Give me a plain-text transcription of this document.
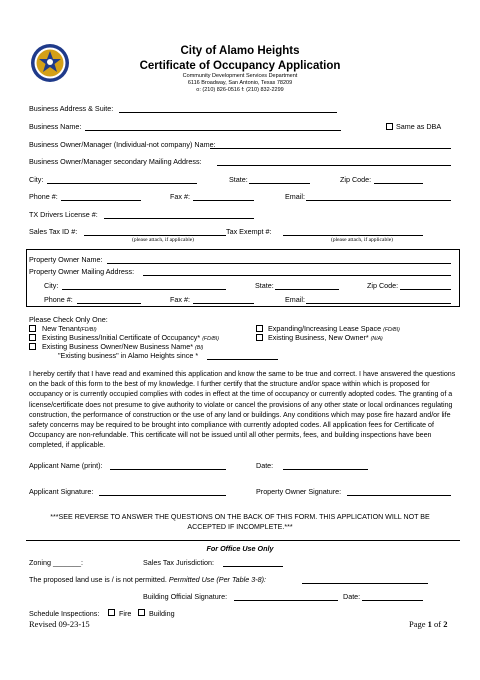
City of Alamo Heights
Certificate of Occupancy Application
Community Development Services Department
6116 Broadway, San Antonio, Texas 78209
o: (210) 826-0516 f: (210) 832-2299
Business Address & Suite:
Business Name:	Same as DBA
Business Owner/Manager (Individual-not company) Name:
Business Owner/Manager secondary Mailing Address:
City:	State:	Zip Code:
Phone #:	Fax #:	Email:
TX Drivers License #:
Sales Tax ID #:	Tax Exempt #:
(please attach, if applicable)	(please attach, if applicable)
Property Owner Name:
Property Owner Mailing Address:
City:	State:	Zip Code:
Phone #:	Fax #:	Email:
Please Check Only One:
New Tenant(FD/BI)
Existing Business/Initial Certificate of Occupancy* (FD/BI)
Existing Business Owner/New Business Name* (BI)
"Existing business" in Alamo Heights since *
Expanding/Increasing Lease Space (FD/BI)
Existing Business, New Owner* (N/A)
I hereby certify that I have read and examined this application and know the same to be true and correct. I have answered the questions on the back of this form to the best of my knowledge. I further certify that the structure and/or space within which is proposed for occupancy or is currently occupied complies with codes in effect at the time of occupancy or currently adopted codes. The granting of a license/certificate does not presume to give authority to violate or cancel the provisions of any other state or local ordinances regulating construction, the performance of construction or the use of any land or buildings. Any conditions which may pose fire hazard and/or life safety concerns may be required to be brought into compliance with currently adopted codes. All application fees for Certificate of Occupancy are non-refundable. This certificate will not be issued until all other permits, fees, and building inspections have been completed, if applicable.
Applicant Name (print):	Date:
Applicant Signature:	Property Owner Signature:
***SEE REVERSE TO ANSWER THE QUESTIONS ON THE BACK OF THIS FORM. THIS APPLICATION WILL NOT BE ACCEPTED IF INCOMPLETE.***
For Office Use Only
Zoning _______:	Sales Tax Jurisdiction:
The proposed land use is / is not permitted. Permitted Use (Per Table 3-8):
Building Official Signature:	Date:
Schedule Inspections:	Fire Building
Revised 09-23-15	Page 1 of 2
